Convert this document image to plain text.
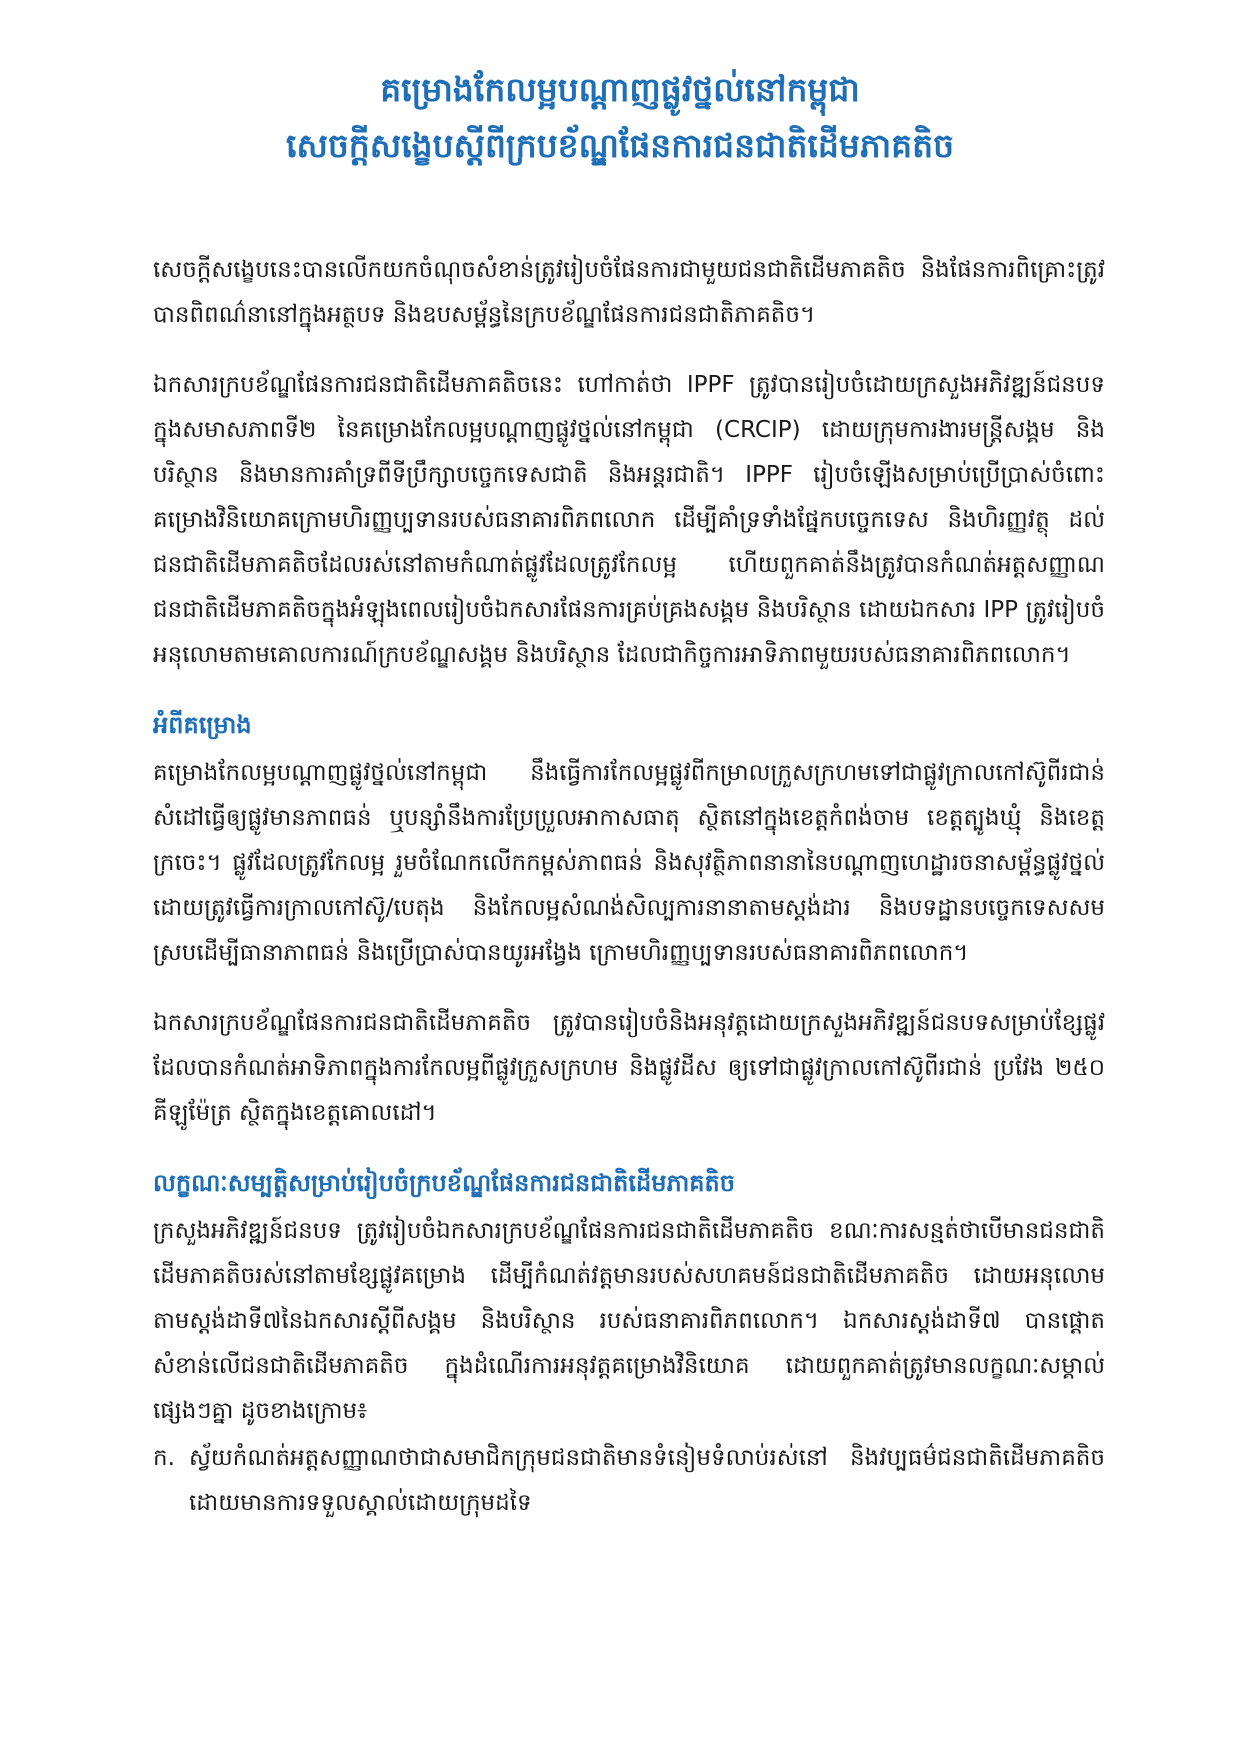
គម្រោងកែលម្អបណ្តាញផ្លូវថ្នល់នៅកម្ពុជា
សេចក្តីសង្ខេបស្តីពីក្របខ័ណ្ឌផែនការជនជាតិដើមភាគតិច

សេចក្តីសង្ខេបនេះបានលើកយកចំណុចសំខាន់ត្រូវរៀបចំផែនការជាមួយជនជាតិដើមភាគតិច និងផែនការពិគ្រោះត្រូវបានពិពណ៌នានៅក្នុងអត្ថបទ និងឧបសម្ព័ន្ធនៃក្របខ័ណ្ឌផែនការជនជាតិភាគតិច។

ឯកសារក្របខ័ណ្ឌផែនការជនជាតិដើមភាគតិចនេះ ហៅកាត់ថា IPPF ត្រូវបានរៀបចំដោយក្រសួងអភិវឌ្ឍន៍ជនបទ ក្នុងសមាសភាពទី២ នៃគម្រោងកែលម្អបណ្តាញផ្លូវថ្នល់នៅកម្ពុជា (CRCIP) ដោយក្រុមការងារមន្ត្រីសង្គម និងបរិស្ថាន និងមានការគាំទ្រពីទីប្រឹក្សាបច្ចេកទេសជាតិ និងអន្តរជាតិ។ IPPF រៀបចំឡើងសម្រាប់ប្រើប្រាស់ចំពោះគម្រោងវិនិយោគក្រោមហិរញ្ញប្បទានរបស់ធនាគារពិភពលោក ដើម្បីគាំទ្រទាំងផ្នែកបច្ចេកទេស និងហិរញ្ញវត្ថុ ដល់ជនជាតិដើមភាគតិចដែលរស់នៅតាមកំណាត់ផ្លូវដែលត្រូវកែលម្អ ហើយពួកគាត់នឹងត្រូវបានកំណត់អត្តសញ្ញាណជនជាតិដើមភាគតិចក្នុងអំឡុងពេលរៀបចំឯកសារផែនការគ្រប់គ្រងសង្គម និងបរិស្ថាន ដោយឯកសារ IPP ត្រូវរៀបចំអនុលោមតាមគោលការណ៍ក្របខ័ណ្ឌសង្គម និងបរិស្ថាន ដែលជាកិច្ចការអាទិភាពមួយរបស់ធនាគារពិភពលោក។

អំពីគម្រោង

គម្រោងកែលម្អបណ្តាញផ្លូវថ្នល់នៅកម្ពុជា នឹងធ្វើការកែលម្អផ្លូវពីកម្រាលក្រួសក្រហមទៅជាផ្លូវក្រាលកៅស៊ូពីរជាន់ សំដៅធ្វើឲ្យផ្លូវមានភាពធន់ ឬបន្សាំនឹងការប្រែប្រួលអាកាសធាតុ ស្ថិតនៅក្នុងខេត្តកំពង់ចាម ខេត្តត្បូងឃ្មុំ និងខេត្តក្រចេះ។ ផ្លូវដែលត្រូវកែលម្អ រួមចំណែកលើកកម្ពស់ភាពធន់ និងសុវត្ថិភាពនានានៃបណ្តាញហេដ្ឋារចនាសម្ព័ន្ធផ្លូវថ្នល់ដោយត្រូវធ្វើការក្រាលកៅស៊ូ/បេតុង និងកែលម្អសំណង់សិល្បការនានាតាមស្តង់ដារ និងបទដ្ឋានបច្ចេកទេសសមស្របដើម្បីធានាភាពធន់ និងប្រើប្រាស់បានយូរអង្វែង ក្រោមហិរញ្ញប្បទានរបស់ធនាគារពិភពលោក។

ឯកសារក្របខ័ណ្ឌផែនការជនជាតិដើមភាគតិច ត្រូវបានរៀបចំនិងអនុវត្តដោយក្រសួងអភិវឌ្ឍន៍ជនបទសម្រាប់ខ្សែផ្លូវដែលបានកំណត់អាទិភាពក្នុងការកែលម្អពីផ្លូវក្រួសក្រហម និងផ្លូវដីស ឲ្យទៅជាផ្លូវក្រាលកៅស៊ូពីរជាន់ ប្រវែង ២៥០ គីឡូម៉ែត្រ ស្ថិតក្នុងខេត្តគោលដៅ។

លក្ខណៈសម្បត្តិសម្រាប់រៀបចំក្របខ័ណ្ឌផែនការជនជាតិដើមភាគតិច

ក្រសួងអភិវឌ្ឍន៍ជនបទ ត្រូវរៀបចំឯកសារក្របខ័ណ្ឌផែនការជនជាតិដើមភាគតិច ខណៈការសន្មត់ថាបើមានជនជាតិដើមភាគតិចរស់នៅតាមខ្សែផ្លូវគម្រោង ដើម្បីកំណត់វត្តមានរបស់សហគមន៍ជនជាតិដើមភាគតិច ដោយអនុលោមតាមស្តង់ដាទី៧នៃឯកសារស្តីពីសង្គម និងបរិស្ថាន របស់ធនាគារពិភពលោក។ ឯកសារស្តង់ដាទី៧ បានផ្តោតសំខាន់លើជនជាតិដើមភាគតិច ក្នុងដំណើរការអនុវត្តគម្រោងវិនិយោគ ដោយពួកគាត់ត្រូវមានលក្ខណៈសម្គាល់ផ្សេងៗគ្នា ដូចខាងក្រោម៖

ក. ស្វ័យកំណត់អត្តសញ្ញាណថាជាសមាជិកក្រុមជនជាតិមានទំនៀមទំលាប់រស់នៅ និងវប្បធម៌ជនជាតិដើមភាគតិច ដោយមានការទទួលស្គាល់ដោយក្រុមដទៃ
